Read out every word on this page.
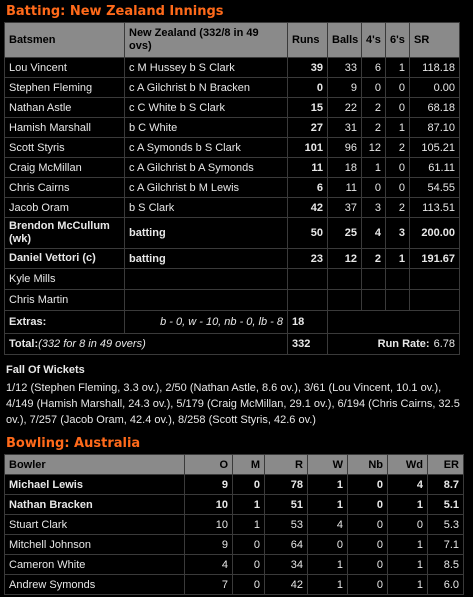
Batting: New Zealand Innings
Batsmen	New Zealand (332/8 in 49 ovs)	Runs	Balls	4's	6's	SR
Lou Vincent	c M Hussey b S Clark	39	33	6	1	118.18
Stephen Fleming	c A Gilchrist b N Bracken	0	9	0	0	0.00
Nathan Astle	c C White b S Clark	15	22	2	0	68.18
Hamish Marshall	b C White	27	31	2	1	87.10
Scott Styris	c A Symonds b S Clark	101	96	12	2	105.21
Craig McMillan	c A Gilchrist b A Symonds	11	18	1	0	61.11
Chris Cairns	c A Gilchrist b M Lewis	6	11	0	0	54.55
Jacob Oram	b S Clark	42	37	3	2	113.51
Brendon McCullum (wk)	batting	50	25	4	3	200.00
Daniel Vettori (c)	batting	23	12	2	1	191.67
Kyle Mills						
Chris Martin						
Extras:	b - 0, w - 10, nb - 0, lb - 8	18				
Total:(332 for 8 in 49 overs)		332	Run Rate: 6.78			
Fall Of Wickets
1/12 (Stephen Fleming, 3.3 ov.), 2/50 (Nathan Astle, 8.6 ov.), 3/61 (Lou Vincent, 10.1 ov.), 4/149 (Hamish Marshall, 24.3 ov.), 5/179 (Craig McMillan, 29.1 ov.), 6/194 (Chris Cairns, 32.5 ov.), 7/257 (Jacob Oram, 42.4 ov.), 8/258 (Scott Styris, 42.6 ov.)
Bowling: Australia
Bowler	O	M	R	W	Nb	Wd	ER
Michael Lewis	9	0	78	1	0	4	8.7
Nathan Bracken	10	1	51	1	0	1	5.1
Stuart Clark	10	1	53	4	0	0	5.3
Mitchell Johnson	9	0	64	0	0	1	7.1
Cameron White	4	0	34	1	0	1	8.5
Andrew Symonds	7	0	42	1	0	1	6.0
